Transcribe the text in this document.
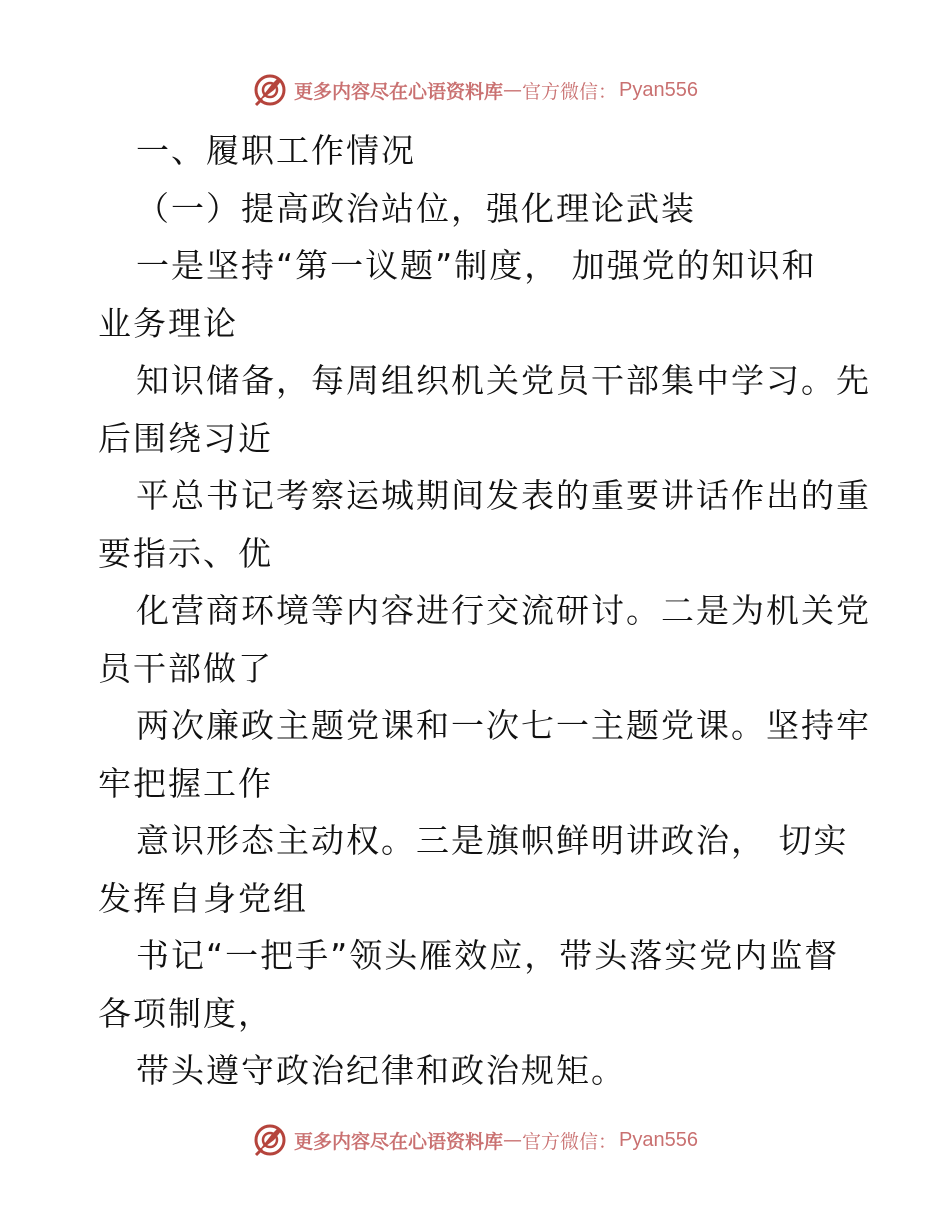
更多内容尽在心语资料库 — 官方微信： Pyan556
一、履职工作情况
（一）提高政治站位，强化理论武装
一是坚持“第一议题”制度， 加强党的知识和
业务理论
知识储备，每周组织机关党员干部集中学习。先
后围绕习近
平总书记考察运城期间发表的重要讲话作出的重
要指示、优
化营商环境等内容进行交流研讨。二是为机关党
员干部做了
两次廉政主题党课和一次七一主题党课。坚持牢
牢把握工作
意识形态主动权。三是旗帜鲜明讲政治， 切实
发挥自身党组
书记“一把手”领头雁效应，带头落实党内监督
各项制度，
带头遵守政治纪律和政治规矩。
更多内容尽在心语资料库 — 官方微信： Pyan556
